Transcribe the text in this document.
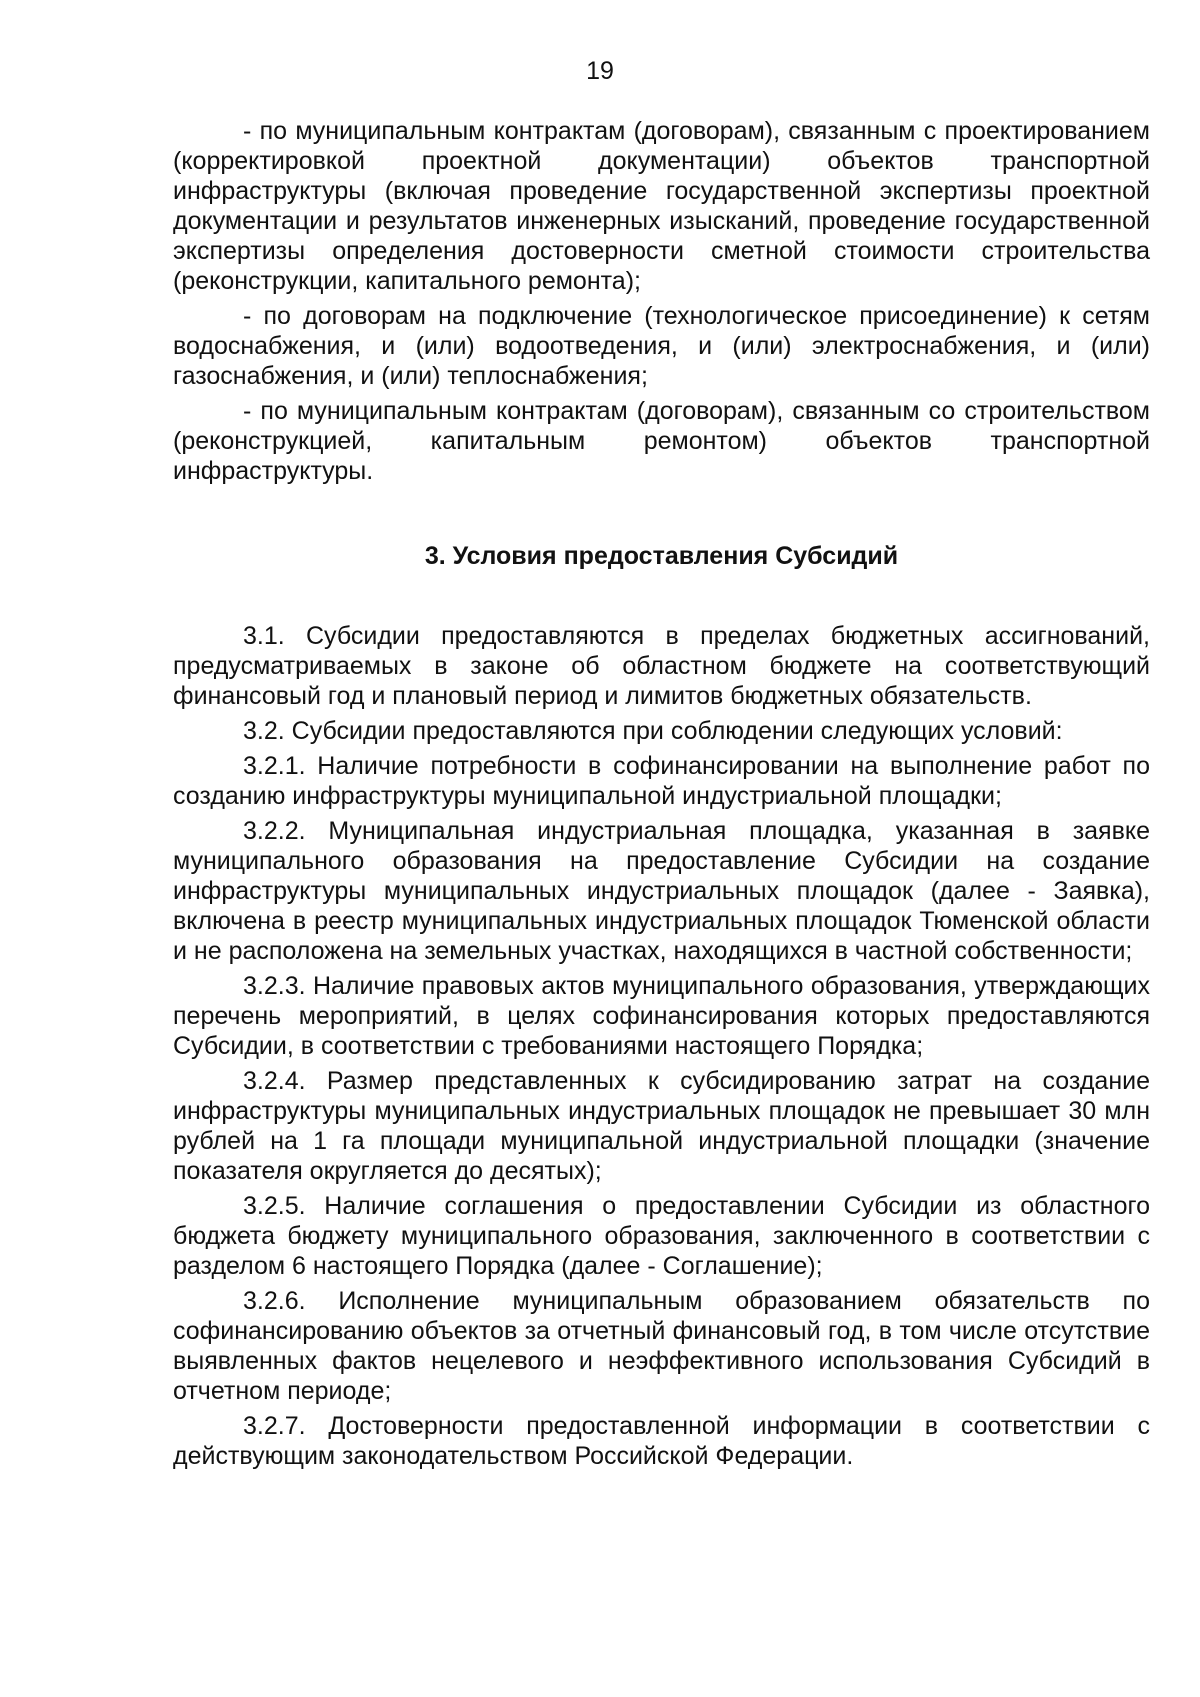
19

- по муниципальным контрактам (договорам), связанным с проектированием (корректировкой проектной документации) объектов транспортной инфраструктуры (включая проведение государственной экспертизы проектной документации и результатов инженерных изысканий, проведение государственной экспертизы определения достоверности сметной стоимости строительства (реконструкции, капитального ремонта);

- по договорам на подключение (технологическое присоединение) к сетям водоснабжения, и (или) водоотведения, и (или) электроснабжения, и (или) газоснабжения, и (или) теплоснабжения;

- по муниципальным контрактам (договорам), связанным со строительством (реконструкцией, капитальным ремонтом) объектов транспортной инфраструктуры.

3. Условия предоставления Субсидий

3.1. Субсидии предоставляются в пределах бюджетных ассигнований, предусматриваемых в законе об областном бюджете на соответствующий финансовый год и плановый период и лимитов бюджетных обязательств.

3.2. Субсидии предоставляются при соблюдении следующих условий:

3.2.1. Наличие потребности в софинансировании на выполнение работ по созданию инфраструктуры муниципальной индустриальной площадки;

3.2.2. Муниципальная индустриальная площадка, указанная в заявке муниципального образования на предоставление Субсидии на создание инфраструктуры муниципальных индустриальных площадок (далее - Заявка), включена в реестр муниципальных индустриальных площадок Тюменской области и не расположена на земельных участках, находящихся в частной собственности;

3.2.3. Наличие правовых актов муниципального образования, утверждающих перечень мероприятий, в целях софинансирования которых предоставляются Субсидии, в соответствии с требованиями настоящего Порядка;

3.2.4. Размер представленных к субсидированию затрат на создание инфраструктуры муниципальных индустриальных площадок не превышает 30 млн рублей на 1 га площади муниципальной индустриальной площадки (значение показателя округляется до десятых);

3.2.5. Наличие соглашения о предоставлении Субсидии из областного бюджета бюджету муниципального образования, заключенного в соответствии с разделом 6 настоящего Порядка (далее - Соглашение);

3.2.6. Исполнение муниципальным образованием обязательств по софинансированию объектов за отчетный финансовый год, в том числе отсутствие выявленных фактов нецелевого и неэффективного использования Субсидий в отчетном периоде;

3.2.7. Достоверности предоставленной информации в соответствии с действующим законодательством Российской Федерации.
